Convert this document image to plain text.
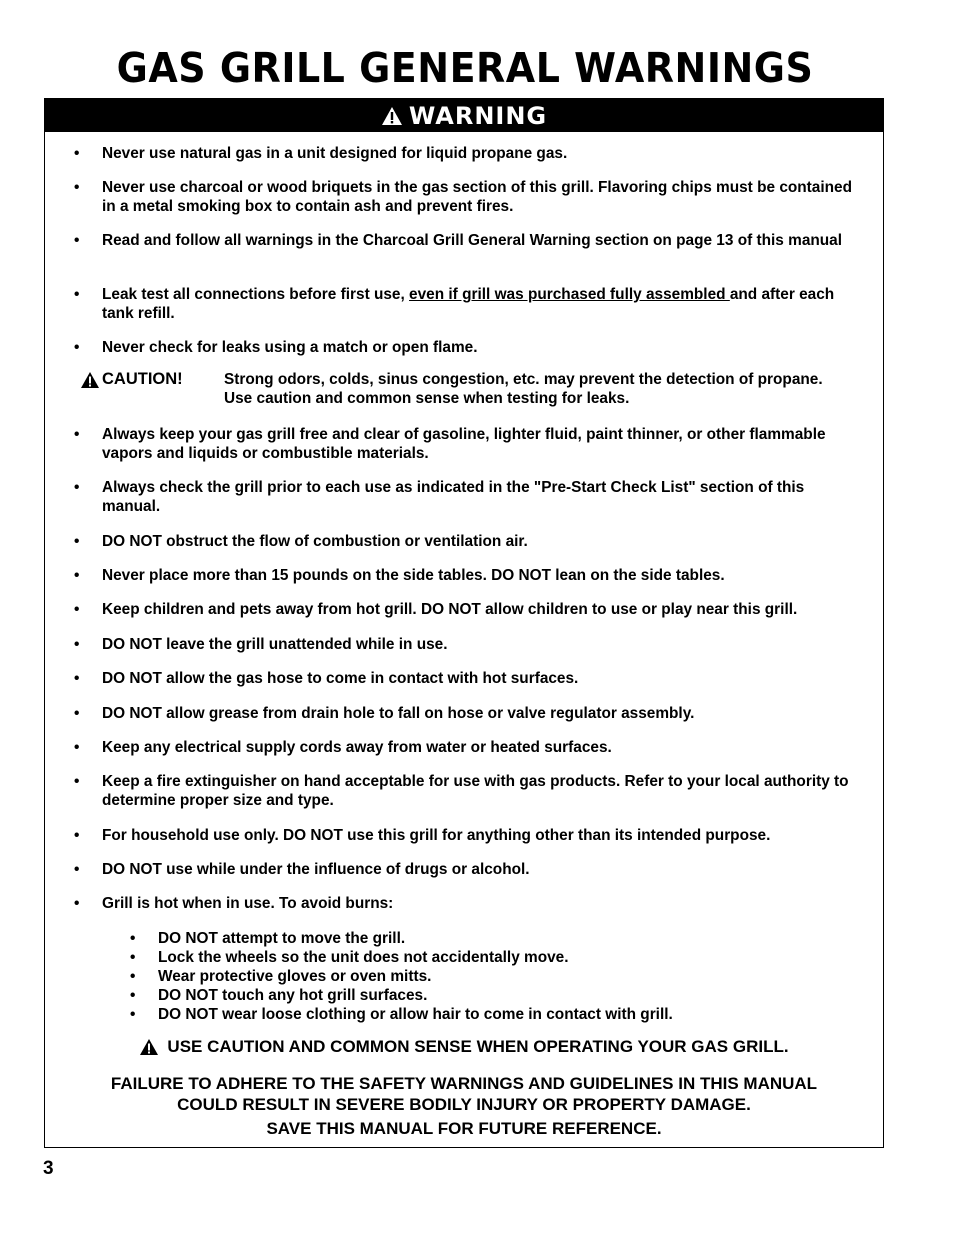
GAS GRILL GENERAL WARNINGS
WARNING
•	Never use natural gas in a unit designed for liquid propane gas.
•	Never use charcoal or wood briquets in the gas section of this grill. Flavoring chips must be contained in a metal smoking box to contain ash and prevent fires.
•	Read and follow all warnings in the Charcoal Grill General Warning section on page 13 of this manual
•	Leak test all connections before first use, even if grill was purchased fully assembled and after each tank refill.
•	Never check for leaks using a match or open flame.
•	Always keep your gas grill free and clear of gasoline, lighter fluid, paint thinner, or other flammable vapors and liquids or combustible materials.
•	Always check the grill prior to each use as indicated in the "Pre-Start Check List" section of this manual.
•	DO NOT obstruct the flow of combustion or ventilation air.
•	Never place more than 15 pounds on the side tables. DO NOT lean on the side tables.
•	Keep children and pets away from hot grill. DO NOT allow children to use or play near this grill.
•	DO NOT leave the grill unattended while in use.
•	DO NOT allow the gas hose to come in contact with hot surfaces.
•	DO NOT allow grease from drain hole to fall on hose or valve regulator assembly.
•	Keep any electrical supply cords away from water or heated surfaces.
•	Keep a fire extinguisher on hand acceptable for use with gas products. Refer to your local authority to determine proper size and type.
•	For household use only. DO NOT use this grill for anything other than its intended purpose.
•	DO NOT use while under the influence of drugs or alcohol.
•	Grill is hot when in use. To avoid burns:
CAUTION!	Strong odors, colds, sinus congestion, etc. may prevent the detection of propane. Use caution and common sense when testing for leaks.
•	DO NOT attempt to move the grill.
•	Lock the wheels so the unit does not accidentally move.
•	Wear protective gloves or oven mitts.
•	DO NOT touch any hot grill surfaces.
•	DO NOT wear loose clothing or allow hair to come in contact with grill.
USE CAUTION AND COMMON SENSE WHEN OPERATING YOUR GAS GRILL.
FAILURE TO ADHERE TO THE SAFETY WARNINGS AND GUIDELINES IN THIS MANUAL
COULD RESULT IN SEVERE BODILY INJURY OR PROPERTY DAMAGE.
SAVE THIS MANUAL FOR FUTURE REFERENCE.
3
